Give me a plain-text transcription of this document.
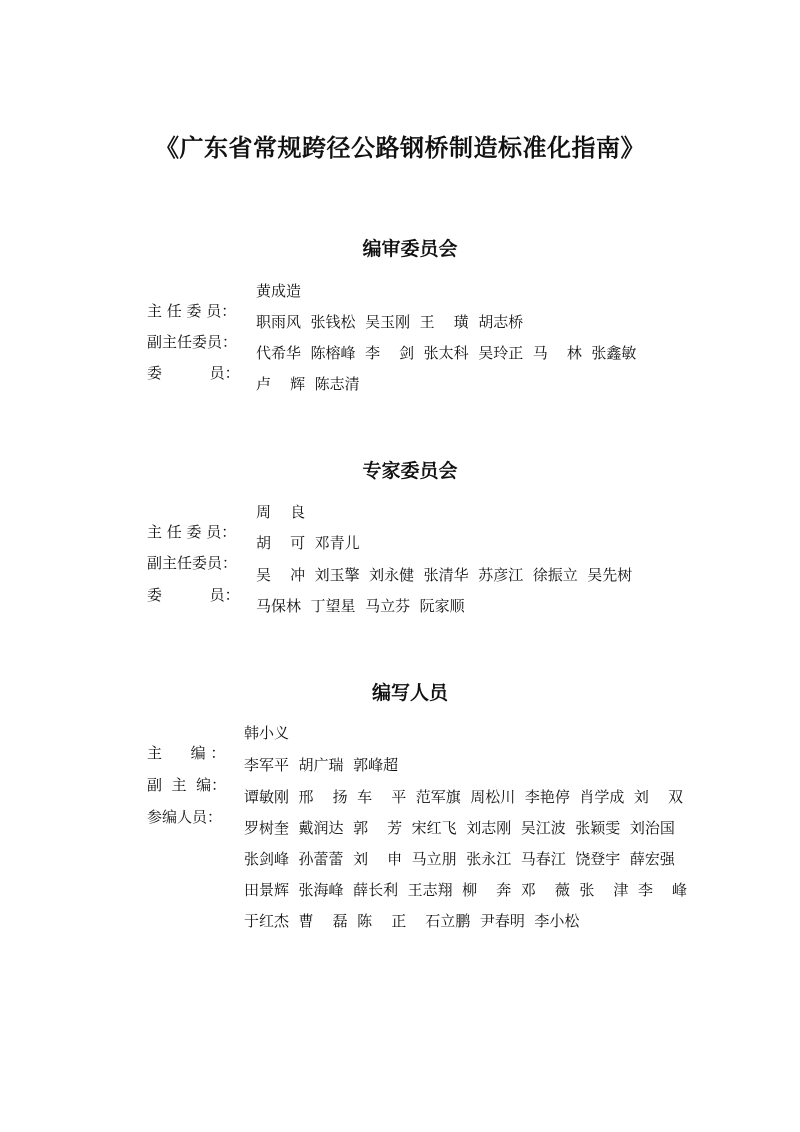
《广东省常规跨径公路钢桥制造标准化指南》
编审委员会

主 任 委 员：

黄成造

副主任委员：

职雨风  张钱松  吴玉刚  王    璜  胡志桥

委          员：

代希华  陈榕峰  李    剑  张太科  吴玲正  马    林  张鑫敏
卢    辉  陈志清
专家委员会

主 任 委 员：

周    良

副主任委员：

胡    可  邓青儿

委          员：

吴    冲  刘玉擎  刘永健  张清华  苏彦江  徐振立  吴先树
马保林  丁望星  马立芬  阮家顺
编写人员

主      编 ：

韩小义

副  主  编：

李军平  胡广瑞  郭峰超

参编人员：

谭敏刚  邢    扬  车    平  范军旗  周松川  李艳停  肖学成  刘    双
罗树奎  戴润达  郭    芳  宋红飞  刘志刚  吴江波  张颖雯  刘治国
张剑峰  孙蕾蕾  刘    申  马立朋  张永江  马春江  饶登宇  薛宏强
田景辉  张海峰  薛长利  王志翔  柳    奔  邓    薇  张    津  李    峰
于红杰  曹    磊  陈    正    石立鹏  尹春明  李小松
